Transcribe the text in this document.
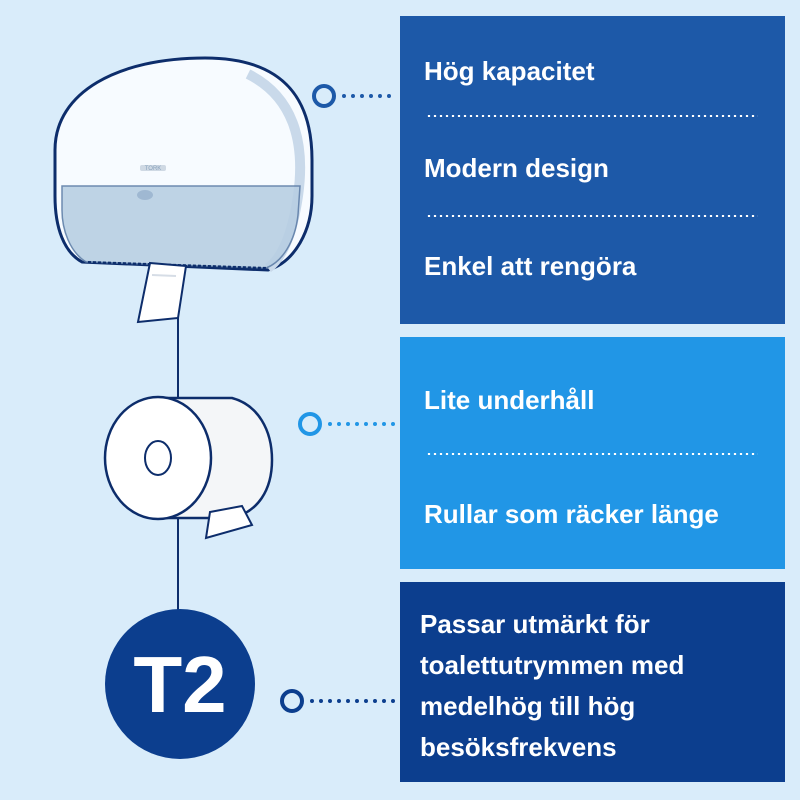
TORK
T2
Hög kapacitet
Modern design
Enkel att rengöra
Lite underhåll
Rullar som räcker länge
Passar utmärkt för
toalettutrymmen med
medelhög till hög
besöksfrekvens
